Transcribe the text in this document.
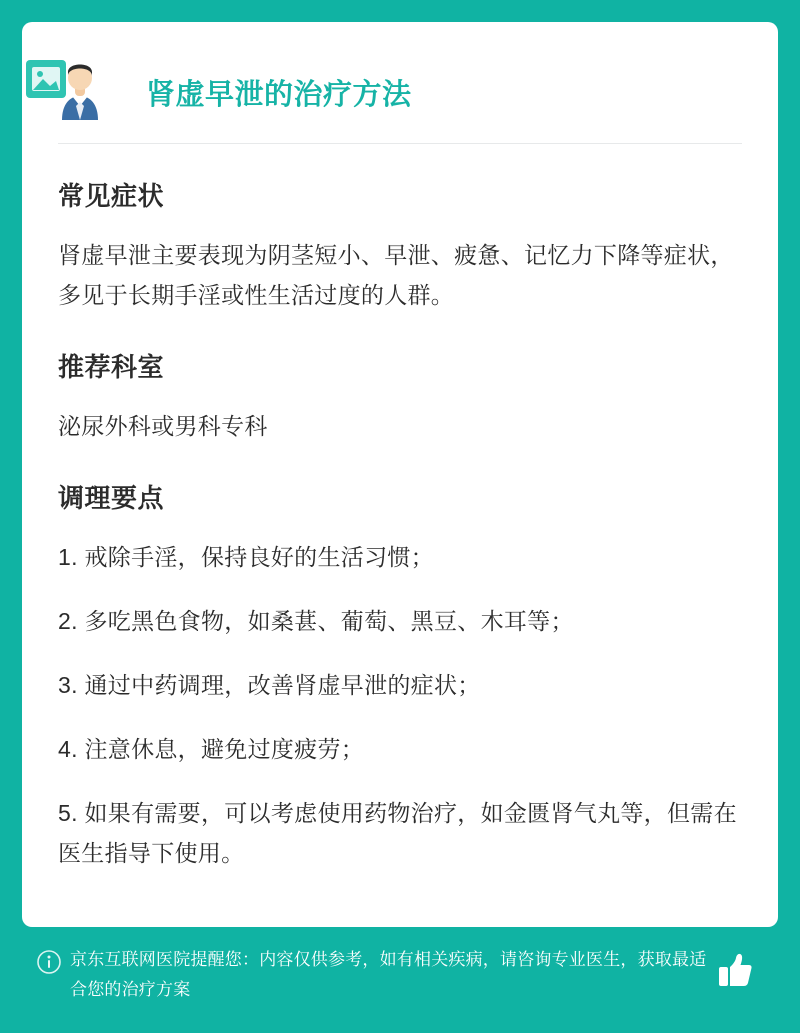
肾虚早泄的治疗方法
常见症状

肾虚早泄主要表现为阴茎短小、早泄、疲惫、记忆力下降等症状，多见于长期手淫或性生活过度的人群。

推荐科室

泌尿外科或男科专科

调理要点
1. 戒除手淫，保持良好的生活习惯；
2. 多吃黑色食物，如桑葚、葡萄、黑豆、木耳等；
3. 通过中药调理，改善肾虚早泄的症状；
4. 注意休息，避免过度疲劳；
5. 如果有需要，可以考虑使用药物治疗，如金匮肾气丸等，但需在医生指导下使用。

京东互联网医院提醒您：内容仅供参考，如有相关疾病，请咨询专业医生，获取最适合您的治疗方案
